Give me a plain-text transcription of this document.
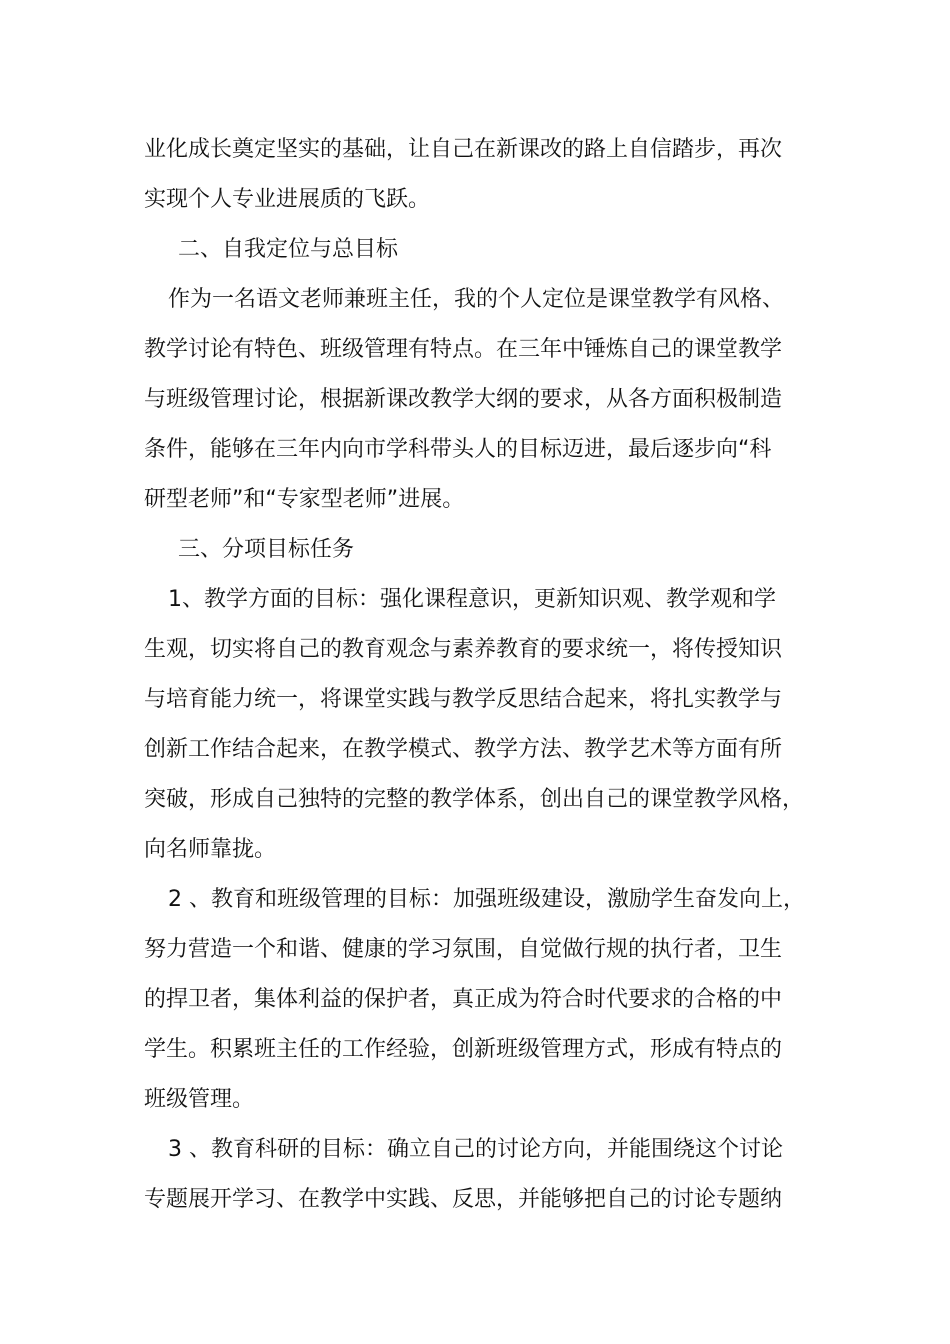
业化成长奠定坚实的基础，让自己在新课改的路上自信踏步，再次
实现个人专业进展质的飞跃。
二、自我定位与总目标
作为一名语文老师兼班主任，我的个人定位是课堂教学有风格、
教学讨论有特色、班级管理有特点。在三年中锤炼自己的课堂教学
与班级管理讨论，根据新课改教学大纲的要求，从各方面积极制造
条件，能够在三年内向市学科带头人的目标迈进，最后逐步向“科
研型老师”和“专家型老师”进展。
三、分项目标任务
1、教学方面的目标：强化课程意识，更新知识观、教学观和学
生观，切实将自己的教育观念与素养教育的要求统一，将传授知识
与培育能力统一，将课堂实践与教学反思结合起来，将扎实教学与
创新工作结合起来，在教学模式、教学方法、教学艺术等方面有所
突破，形成自己独特的完整的教学体系，创出自己的课堂教学风格，
向名师靠拢。
2 、教育和班级管理的目标：加强班级建设，激励学生奋发向上，
努力营造一个和谐、健康的学习氛围，自觉做行规的执行者，卫生
的捍卫者，集体利益的保护者，真正成为符合时代要求的合格的中
学生。积累班主任的工作经验，创新班级管理方式，形成有特点的
班级管理。
3 、教育科研的目标：确立自己的讨论方向，并能围绕这个讨论
专题展开学习、在教学中实践、反思，并能够把自己的讨论专题纳
